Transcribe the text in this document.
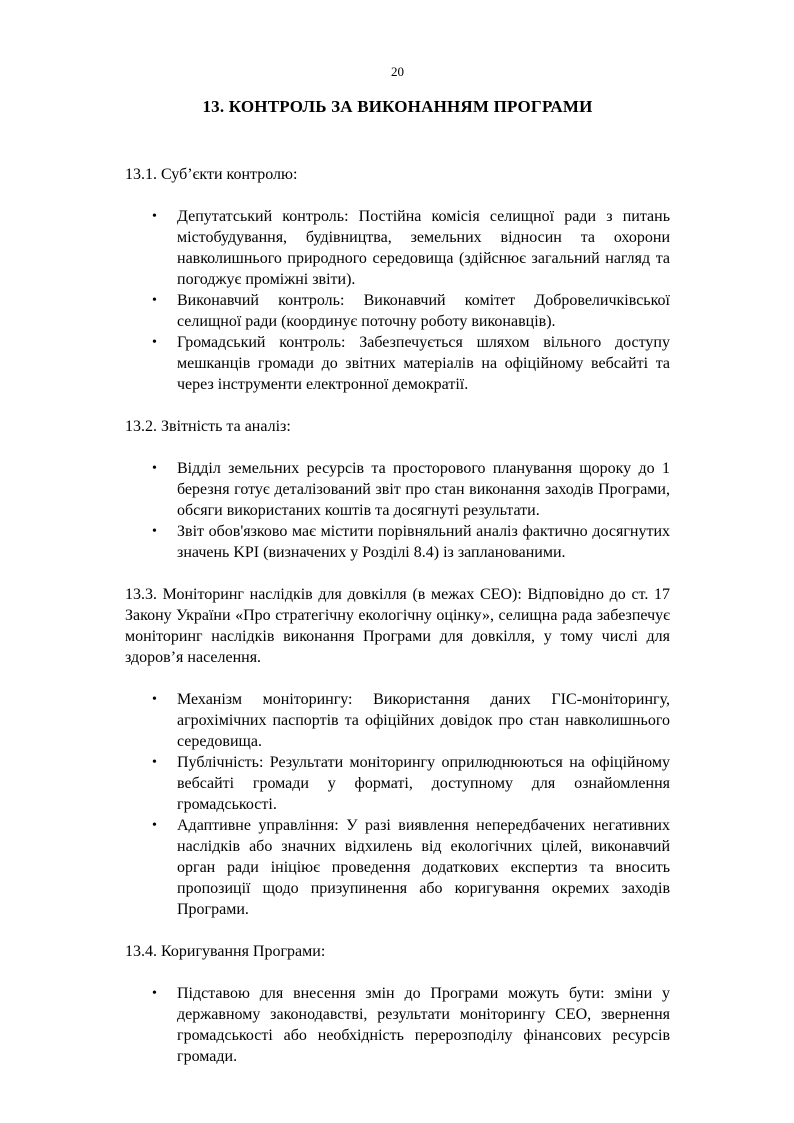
20
13. КОНТРОЛЬ ЗА ВИКОНАННЯМ ПРОГРАМИ

13.1. Суб’єкти контролю:

• Депутатський контроль: Постійна комісія селищної ради з питань містобудування, будівництва, земельних відносин та охорони навколишнього природного середовища (здійснює загальний нагляд та погоджує проміжні звіти).
• Виконавчий контроль: Виконавчий комітет Добровеличківської селищної ради (координує поточну роботу виконавців).
• Громадський контроль: Забезпечується шляхом вільного доступу мешканців громади до звітних матеріалів на офіційному вебсайті та через інструменти електронної демократії.

13.2. Звітність та аналіз:

• Відділ земельних ресурсів та просторового планування щороку до 1 березня готує деталізований звіт про стан виконання заходів Програми, обсяги використаних коштів та досягнуті результати.
• Звіт обов'язково має містити порівняльний аналіз фактично досягнутих значень KPI (визначених у Розділі 8.4) із запланованими.

13.3. Моніторинг наслідків для довкілля (в межах СЕО): Відповідно до ст. 17 Закону України «Про стратегічну екологічну оцінку», селищна рада забезпечує моніторинг наслідків виконання Програми для довкілля, у тому числі для здоров’я населення.

• Механізм моніторингу: Використання даних ГІС-моніторингу, агрохімічних паспортів та офіційних довідок про стан навколишнього середовища.
• Публічність: Результати моніторингу оприлюднюються на офіційному вебсайті громади у форматі, доступному для ознайомлення громадськості.
• Адаптивне управління: У разі виявлення непередбачених негативних наслідків або значних відхилень від екологічних цілей, виконавчий орган ради ініціює проведення додаткових експертиз та вносить пропозиції щодо призупинення або коригування окремих заходів Програми.

13.4. Коригування Програми:

• Підставою для внесення змін до Програми можуть бути: зміни у державному законодавстві, результати моніторингу СЕО, звернення громадськості або необхідність перерозподілу фінансових ресурсів громади.
